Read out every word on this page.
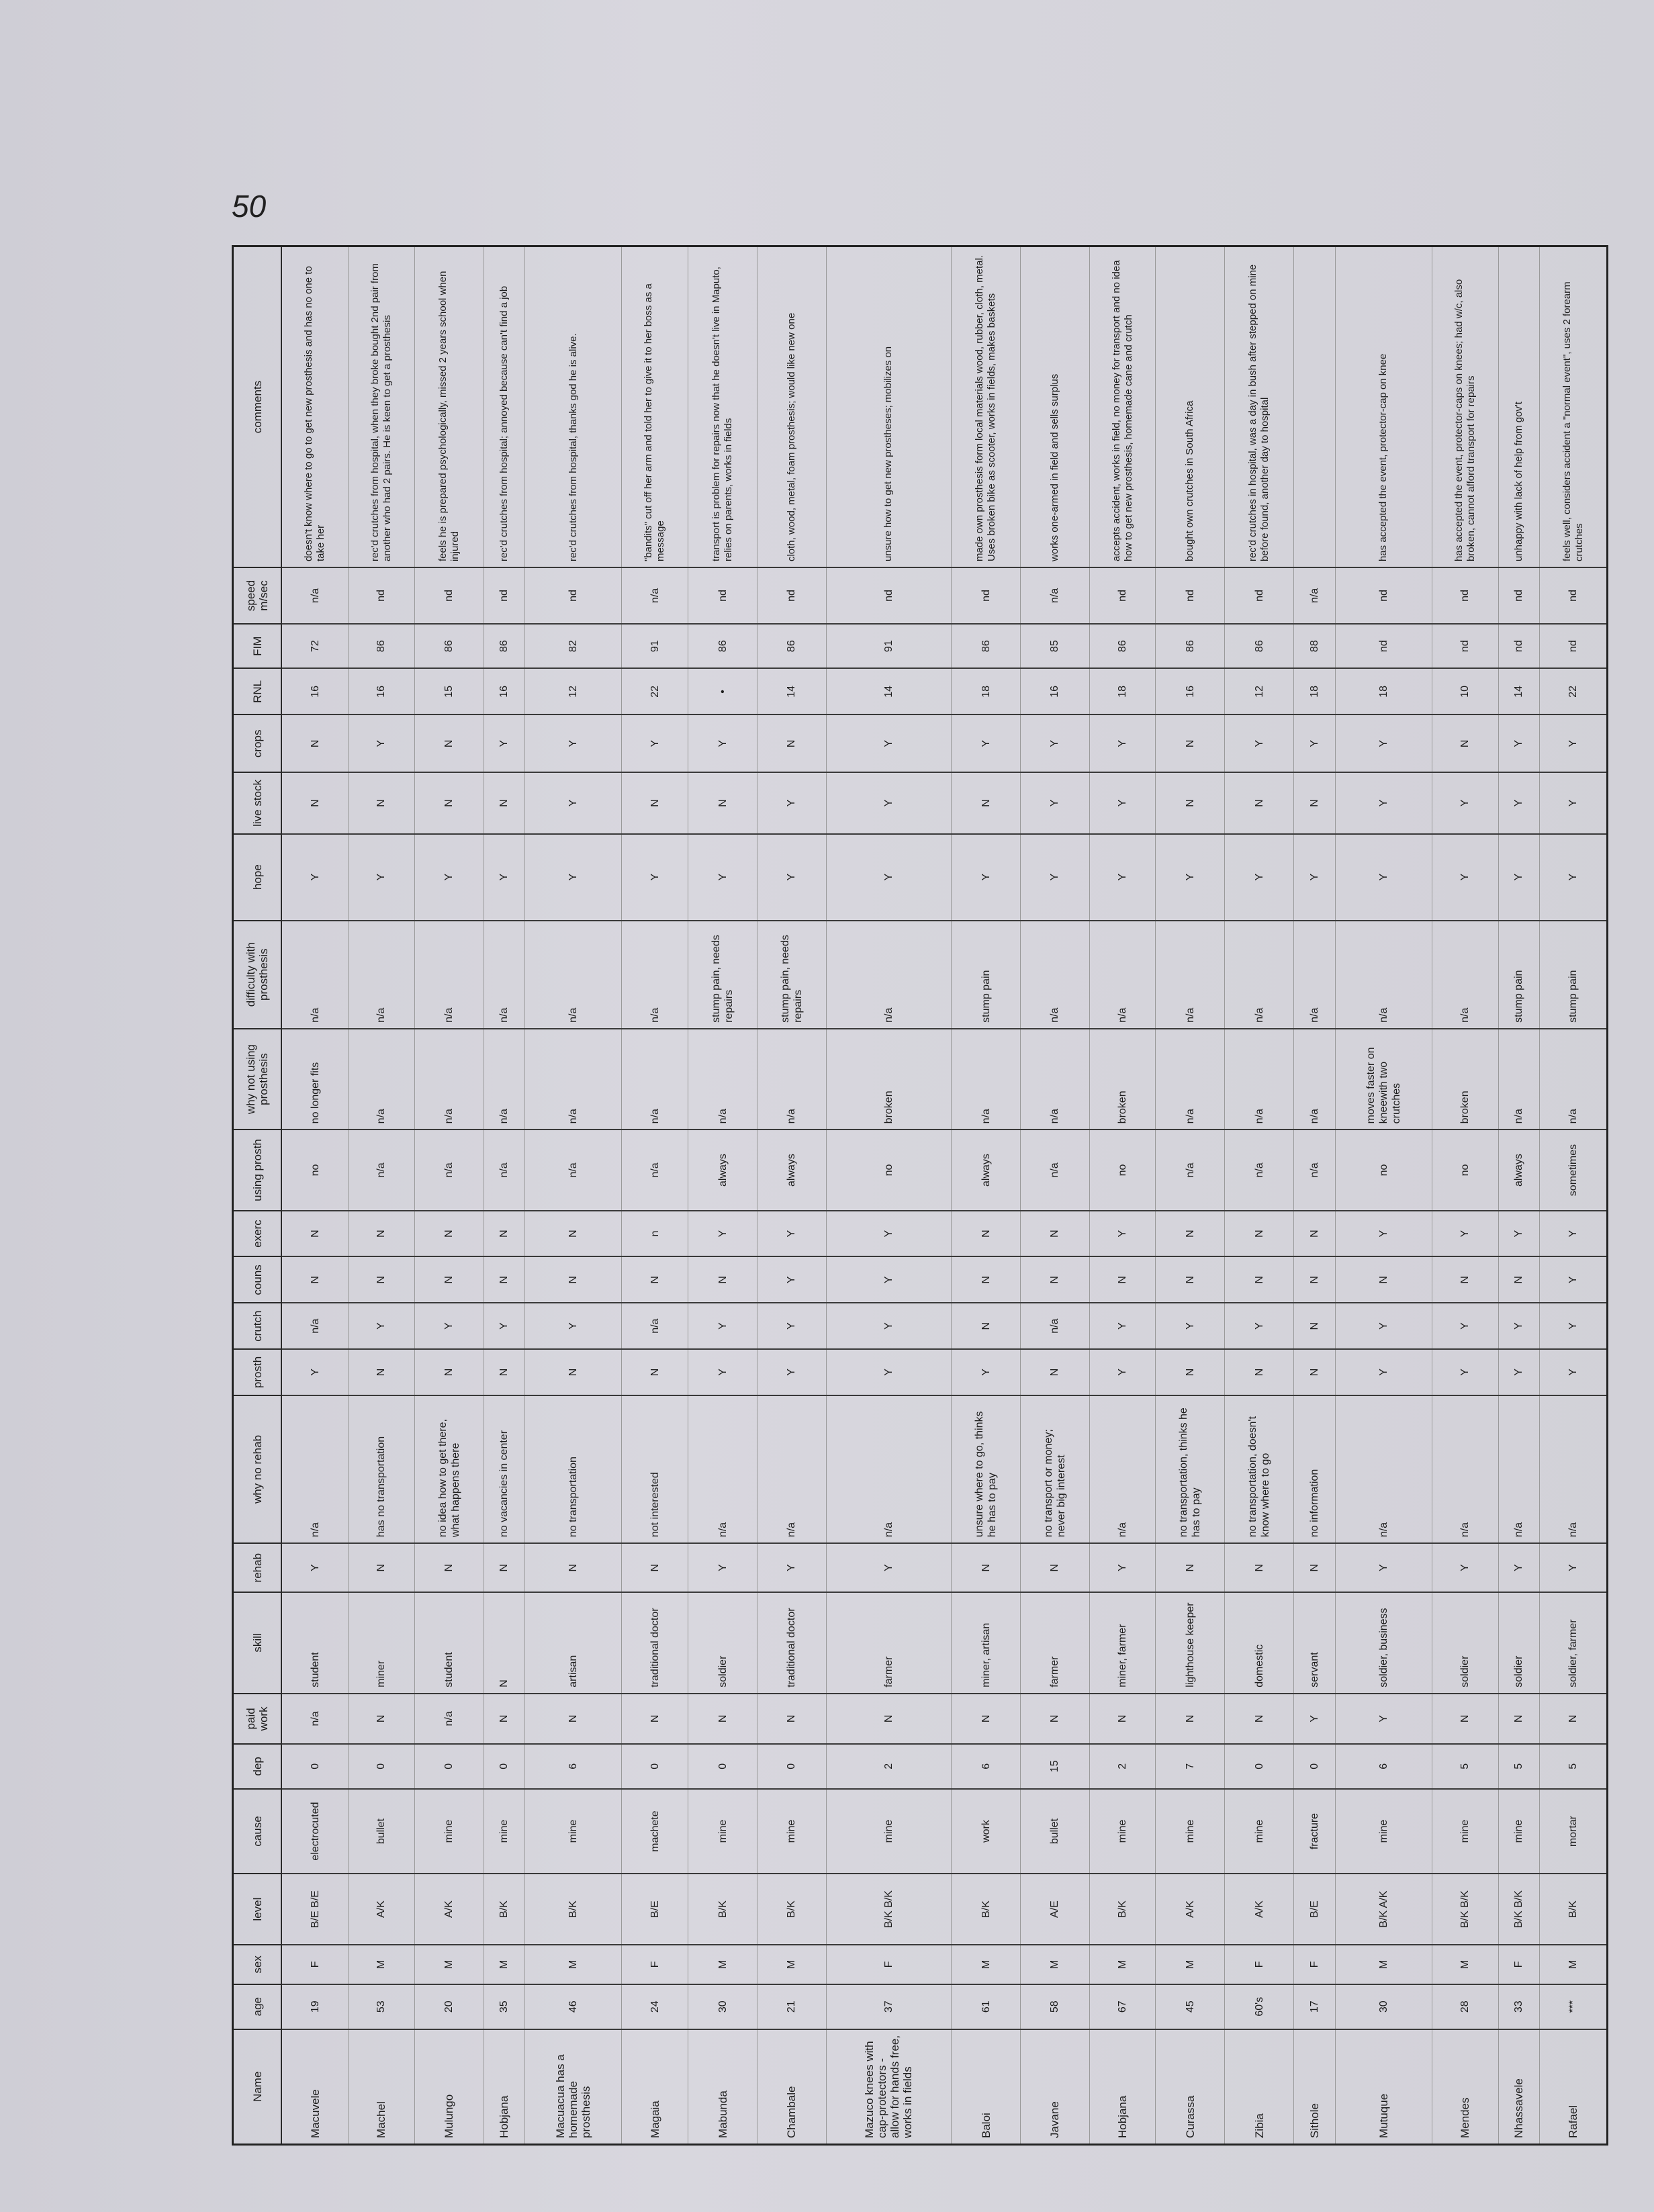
50
Name	age	sex	level	cause	dep	paid work	skill	rehab	why no rehab	prosth	crutch	couns	exerc	using prosth	why not using prosthesis	difficulty with prosthesis	hope	live stock	crops	RNL	FIM	speed m/sec	comments
Macuvele	19	F	B/E B/E	electrocuted	0	n/a	student	Y	n/a	Y	n/a	N	N	no	no longer fits	n/a	Y	N	N	16	72	n/a	doesn't know where to go to get new prosthesis and has no one to take her
Machel	53	M	A/K	bullet	0	N	miner	N	has no transportation	N	Y	N	N	n/a	n/a	n/a	Y	N	Y	16	86	nd	rec'd crutches from hospital, when they broke bought 2nd pair from another who had 2 pairs. He is keen to get a prosthesis
Mulungo	20	M	A/K	mine	0	n/a	student	N	no idea how to get there, what happens there	N	Y	N	N	n/a	n/a	n/a	Y	N	N	15	86	nd	feels he is prepared psychologically, missed 2 years school when injured
Hobjana	35	M	B/K	mine	0	N	N	N	no vacancies in center	N	Y	N	N	n/a	n/a	n/a	Y	N	Y	16	86	nd	rec'd crutches from hospital; annoyed because can't find a job
Macuacua has a homemade prosthesis	46	M	B/K	mine	6	N	artisan	N	no transportation	N	Y	N	N	n/a	n/a	n/a	Y	Y	Y	12	82	nd	rec'd crutches from hospital, thanks god he is alive.
Magaia	24	F	B/E	machete	0	N	traditional doctor	N	not interested	N	n/a	N	n	n/a	n/a	n/a	Y	N	Y	22	91	n/a	"bandits" cut off her arm and told her to give it to her boss as a message
Mabunda	30	M	B/K	mine	0	N	soldier	Y	n/a	Y	Y	N	Y	always	n/a	stump pain, needs repairs	Y	N	Y	•	86	nd	transport is problem for repairs now that he doesn't live in Maputo, relies on parents, works in fields
Chambale	21	M	B/K	mine	0	N	traditional doctor	Y	n/a	Y	Y	Y	Y	always	n/a	stump pain, needs repairs	Y	Y	N	14	86	nd	cloth, wood, metal, foam prosthesis; would like new one
Mazuco knees with cap-protectors - allow for hands free, works in fields	37	F	B/K B/K	mine	2	N	farmer	Y	n/a	Y	Y	Y	Y	no	broken	n/a	Y	Y	Y	14	91	nd	unsure how to get new prostheses; mobilizes on
Baloi	61	M	B/K	work	6	N	miner, artisan	N	unsure where to go, thinks he has to pay	Y	N	N	N	always	n/a	stump pain	Y	N	Y	18	86	nd	made own prosthesis form local materials wood, rubber, cloth, metal. Uses broken bike as scooter, works in fields, makes baskets
Javane	58	M	A/E	bullet	15	N	farmer	N	no transport or money; never big interest	N	n/a	N	N	n/a	n/a	n/a	Y	Y	Y	16	85	n/a	works one-armed in field and sells surplus
Hobjana	67	M	B/K	mine	2	N	miner, farmer	Y	n/a	Y	Y	N	Y	no	broken	n/a	Y	Y	Y	18	86	nd	accepts accident, works in field, no money for transport and no idea how to get new prosthesis, homemade cane and crutch
Curassa	45	M	A/K	mine	7	N	lighthouse keeper	N	no transportation, thinks he has to pay	N	Y	N	N	n/a	n/a	n/a	Y	N	N	16	86	nd	bought own crutches in South Africa
Zibia	60's	F	A/K	mine	0	N	domestic	N	no transportation, doesn't know where to go	N	Y	N	N	n/a	n/a	n/a	Y	N	Y	12	86	nd	rec'd crutches in hospital, was a day in bush after stepped on mine before found, another day to hospital
Sithole	17	F	B/E	fracture	0	Y	servant	N	no information	N	N	N	N	n/a	n/a	n/a	Y	N	Y	18	88	n/a	
Mutuque	30	M	B/K A/K	mine	6	Y	soldier, business	Y	n/a	Y	Y	N	Y	no	moves faster on kneewith two crutches	n/a	Y	Y	Y	18	nd	nd	has accepted the event, protector-cap on knee
Mendes	28	M	B/K B/K	mine	5	N	soldier	Y	n/a	Y	Y	N	Y	no	broken	n/a	Y	Y	N	10	nd	nd	has accepted the event, protector-caps on knees; had w/c, also broken, cannot afford transport for repairs
Nhassavele	33	F	B/K B/K	mine	5	N	soldier	Y	n/a	Y	Y	N	Y	always	n/a	stump pain	Y	Y	Y	14	nd	nd	unhappy with lack of help from gov't
Rafael	***	M	B/K	mortar	5	N	soldier, farmer	Y	n/a	Y	Y	Y	Y	sometimes	n/a	stump pain	Y	Y	Y	22	nd	nd	feels well, considers accident a "normal event", uses 2 forearm crutches
